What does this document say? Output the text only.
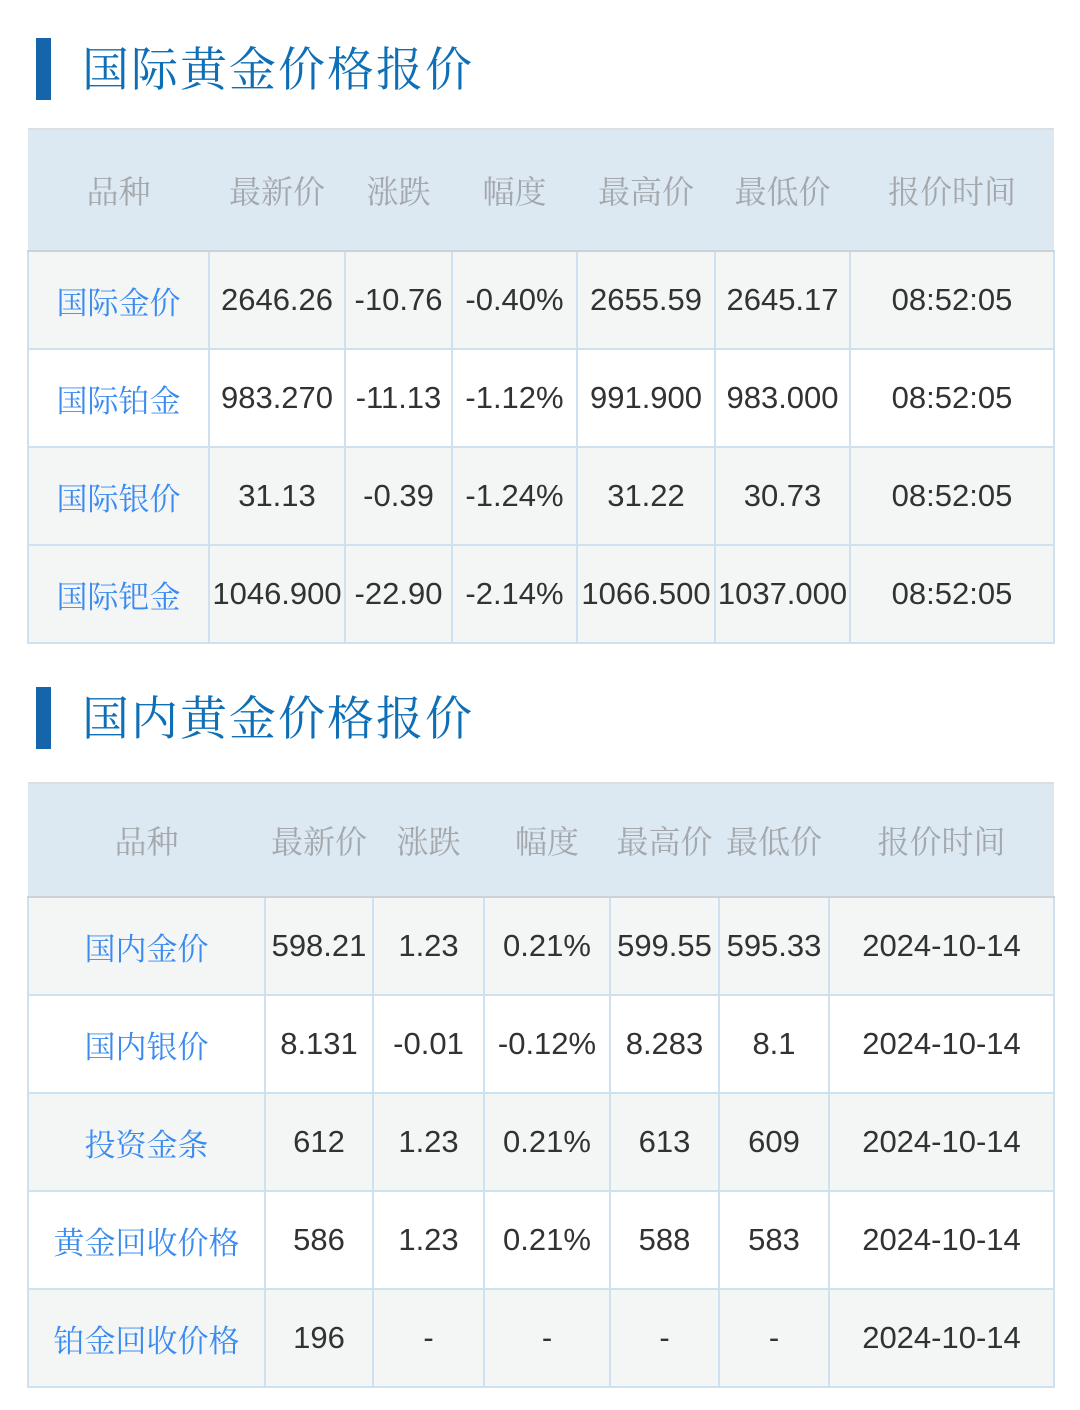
国际黄金价格报价
品种	最新价	涨跌	幅度	最高价	最低价	报价时间
国际金价	2646.26	-10.76	-0.40%	2655.59	2645.17	08:52:05
国际铂金	983.270	-11.13	-1.12%	991.900	983.000	08:52:05
国际银价	31.13	-0.39	-1.24%	31.22	30.73	08:52:05
国际钯金	1046.900	-22.90	-2.14%	1066.500	1037.000	08:52:05
国内黄金价格报价
品种	最新价	涨跌	幅度	最高价	最低价	报价时间
国内金价	598.21	1.23	0.21%	599.55	595.33	2024-10-14
国内银价	8.131	-0.01	-0.12%	8.283	8.1	2024-10-14
投资金条	612	1.23	0.21%	613	609	2024-10-14
黄金回收价格	586	1.23	0.21%	588	583	2024-10-14
铂金回收价格	196	-	-	-	-	2024-10-14
